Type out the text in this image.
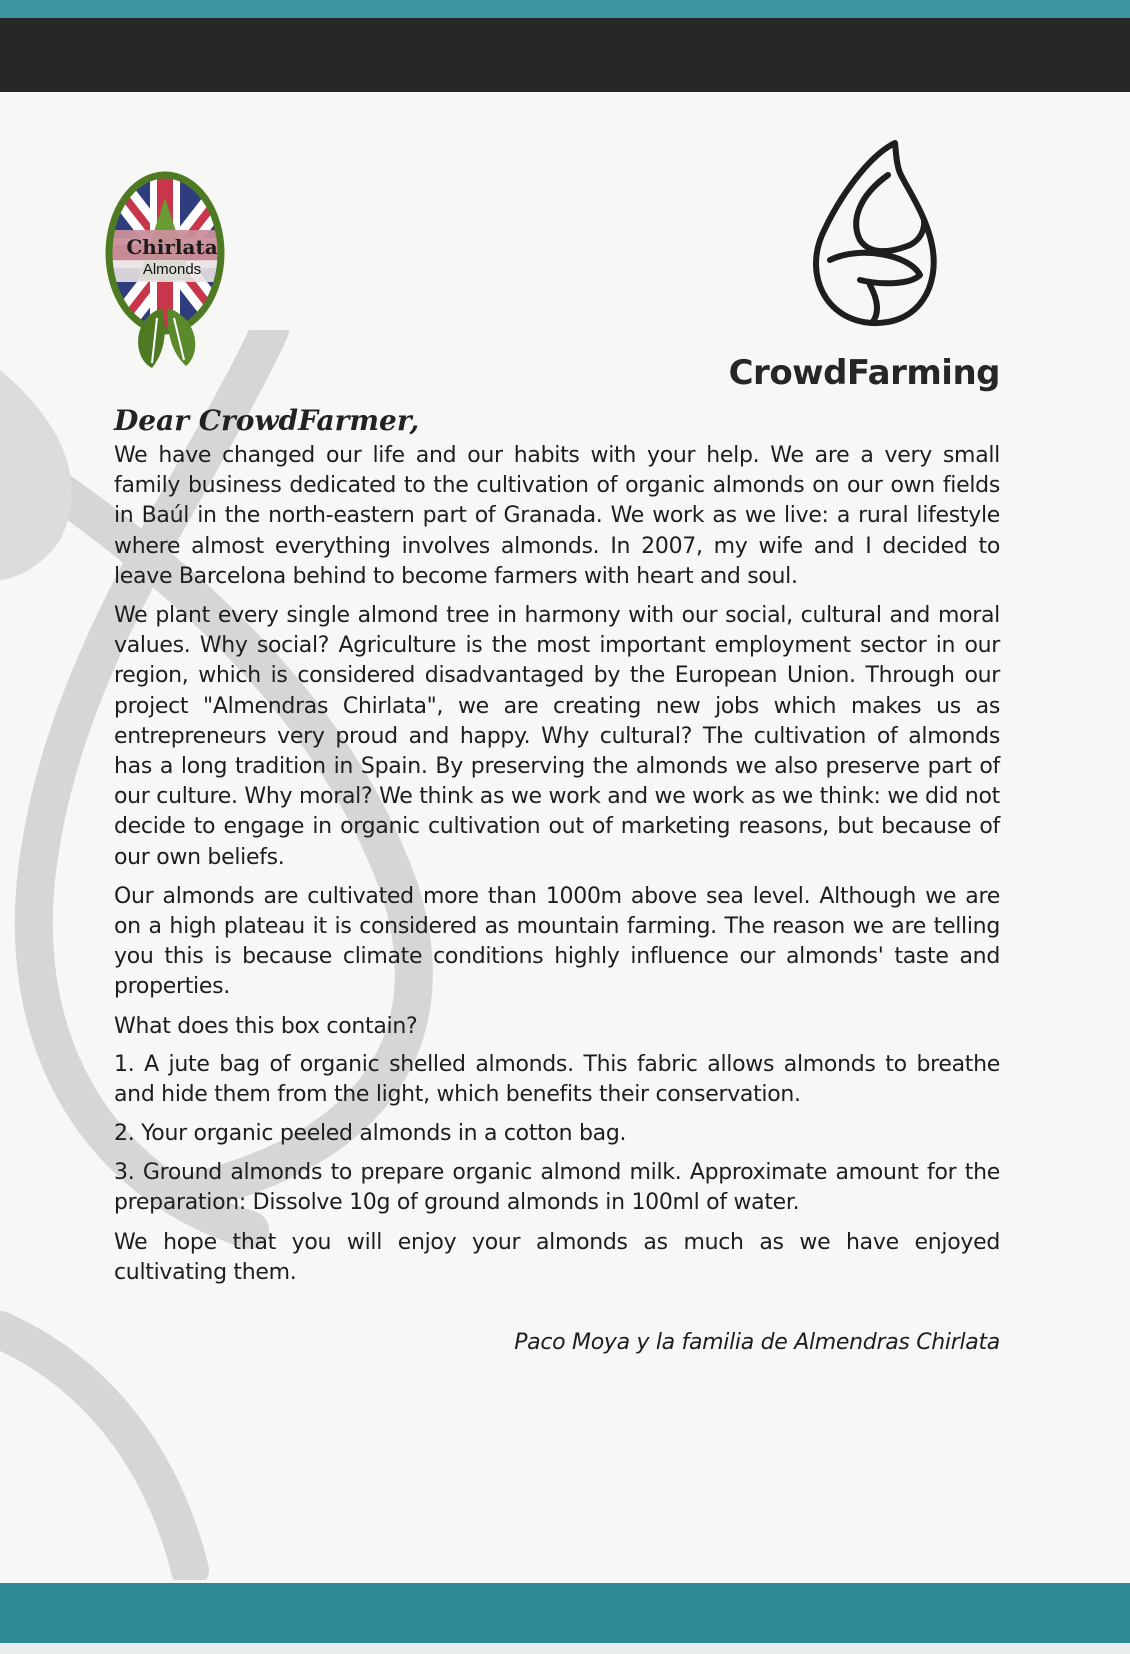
Chirlata
Almonds
CrowdFarming
Dear CrowdFarmer,

We have changed our life and our habits with your help. We are a very small family business dedicated to the cultivation of organic almonds on our own fields in Baúl in the north-eastern part of Granada. We work as we live: a rural lifestyle where almost everything involves almonds. In 2007, my wife and I decided to leave Barcelona behind to become farmers with heart and soul.

We plant every single almond tree in harmony with our social, cultural and moral values. Why social? Agriculture is the most important employment sector in our region, which is considered disadvantaged by the European Union. Through our project "Almendras Chirlata", we are creating new jobs which makes us as entrepreneurs very proud and happy. Why cultural? The cultivation of almonds has a long tradition in Spain. By preserving the almonds we also preserve part of our culture. Why moral? We think as we work and we work as we think: we did not decide to engage in organic cultivation out of marketing reasons, but because of our own beliefs.

Our almonds are cultivated more than 1000m above sea level. Although we are on a high plateau it is considered as mountain farming. The reason we are telling you this is because climate conditions highly influence our almonds' taste and properties.

What does this box contain?

1. A jute bag of organic shelled almonds. This fabric allows almonds to breathe and hide them from the light, which benefits their conservation.

2. Your organic peeled almonds in a cotton bag.

3. Ground almonds to prepare organic almond milk. Approximate amount for the preparation: Dissolve 10g of ground almonds in 100ml of water.

We hope that you will enjoy your almonds as much as we have enjoyed cultivating them.

Paco Moya y la familia de Almendras Chirlata
